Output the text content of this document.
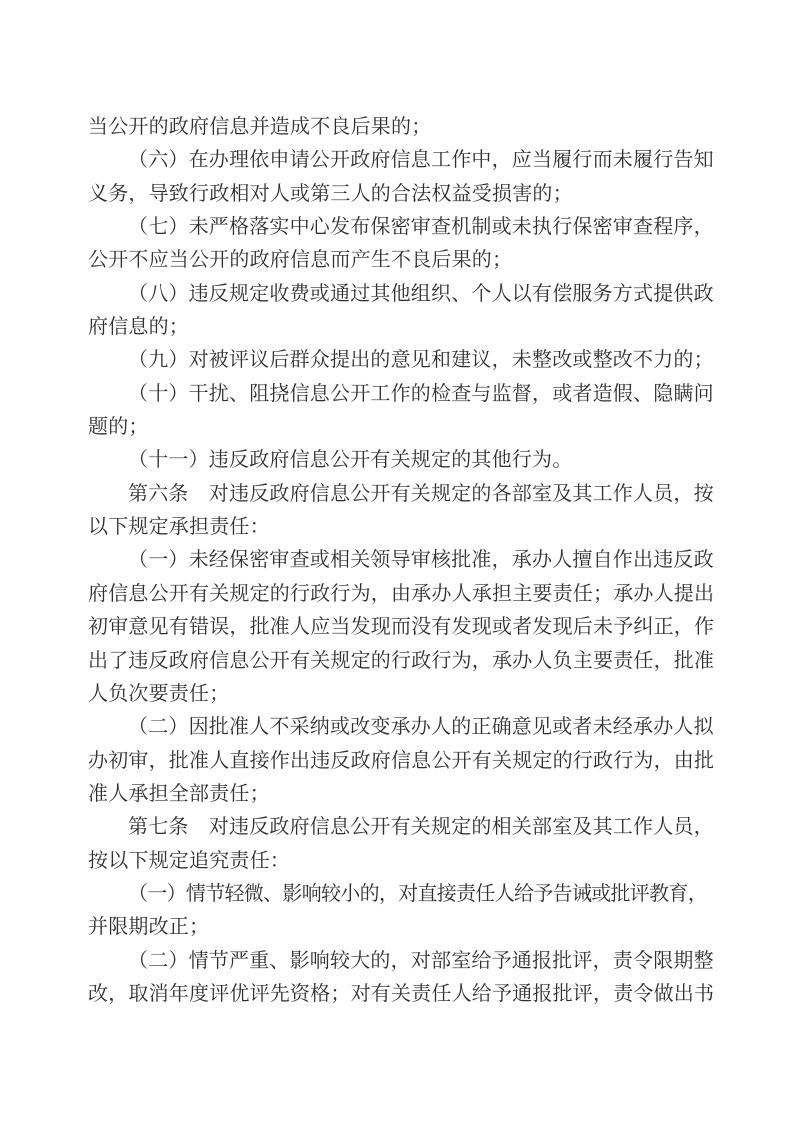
当公开的政府信息并造成不良后果的；
（六）在办理依申请公开政府信息工作中，应当履行而未履行告知
义务，导致行政相对人或第三人的合法权益受损害的；
（七）未严格落实中心发布保密审查机制或未执行保密审查程序，
公开不应当公开的政府信息而产生不良后果的；
（八）违反规定收费或通过其他组织、个人以有偿服务方式提供政
府信息的；
（九）对被评议后群众提出的意见和建议，未整改或整改不力的；
（十）干扰、阻挠信息公开工作的检查与监督，或者造假、隐瞒问
题的；
（十一）违反政府信息公开有关规定的其他行为。
第六条　对违反政府信息公开有关规定的各部室及其工作人员，按
以下规定承担责任：
（一）未经保密审查或相关领导审核批准，承办人擅自作出违反政
府信息公开有关规定的行政行为，由承办人承担主要责任；承办人提出
初审意见有错误，批准人应当发现而没有发现或者发现后未予纠正，作
出了违反政府信息公开有关规定的行政行为，承办人负主要责任，批准
人负次要责任；
（二）因批准人不采纳或改变承办人的正确意见或者未经承办人拟
办初审，批准人直接作出违反政府信息公开有关规定的行政行为，由批
准人承担全部责任；
第七条　对违反政府信息公开有关规定的相关部室及其工作人员，
按以下规定追究责任：
（一）情节轻微、影响较小的，对直接责任人给予告诫或批评教育，
并限期改正；
（二）情节严重、影响较大的，对部室给予通报批评，责令限期整
改，取消年度评优评先资格；对有关责任人给予通报批评，责令做出书
